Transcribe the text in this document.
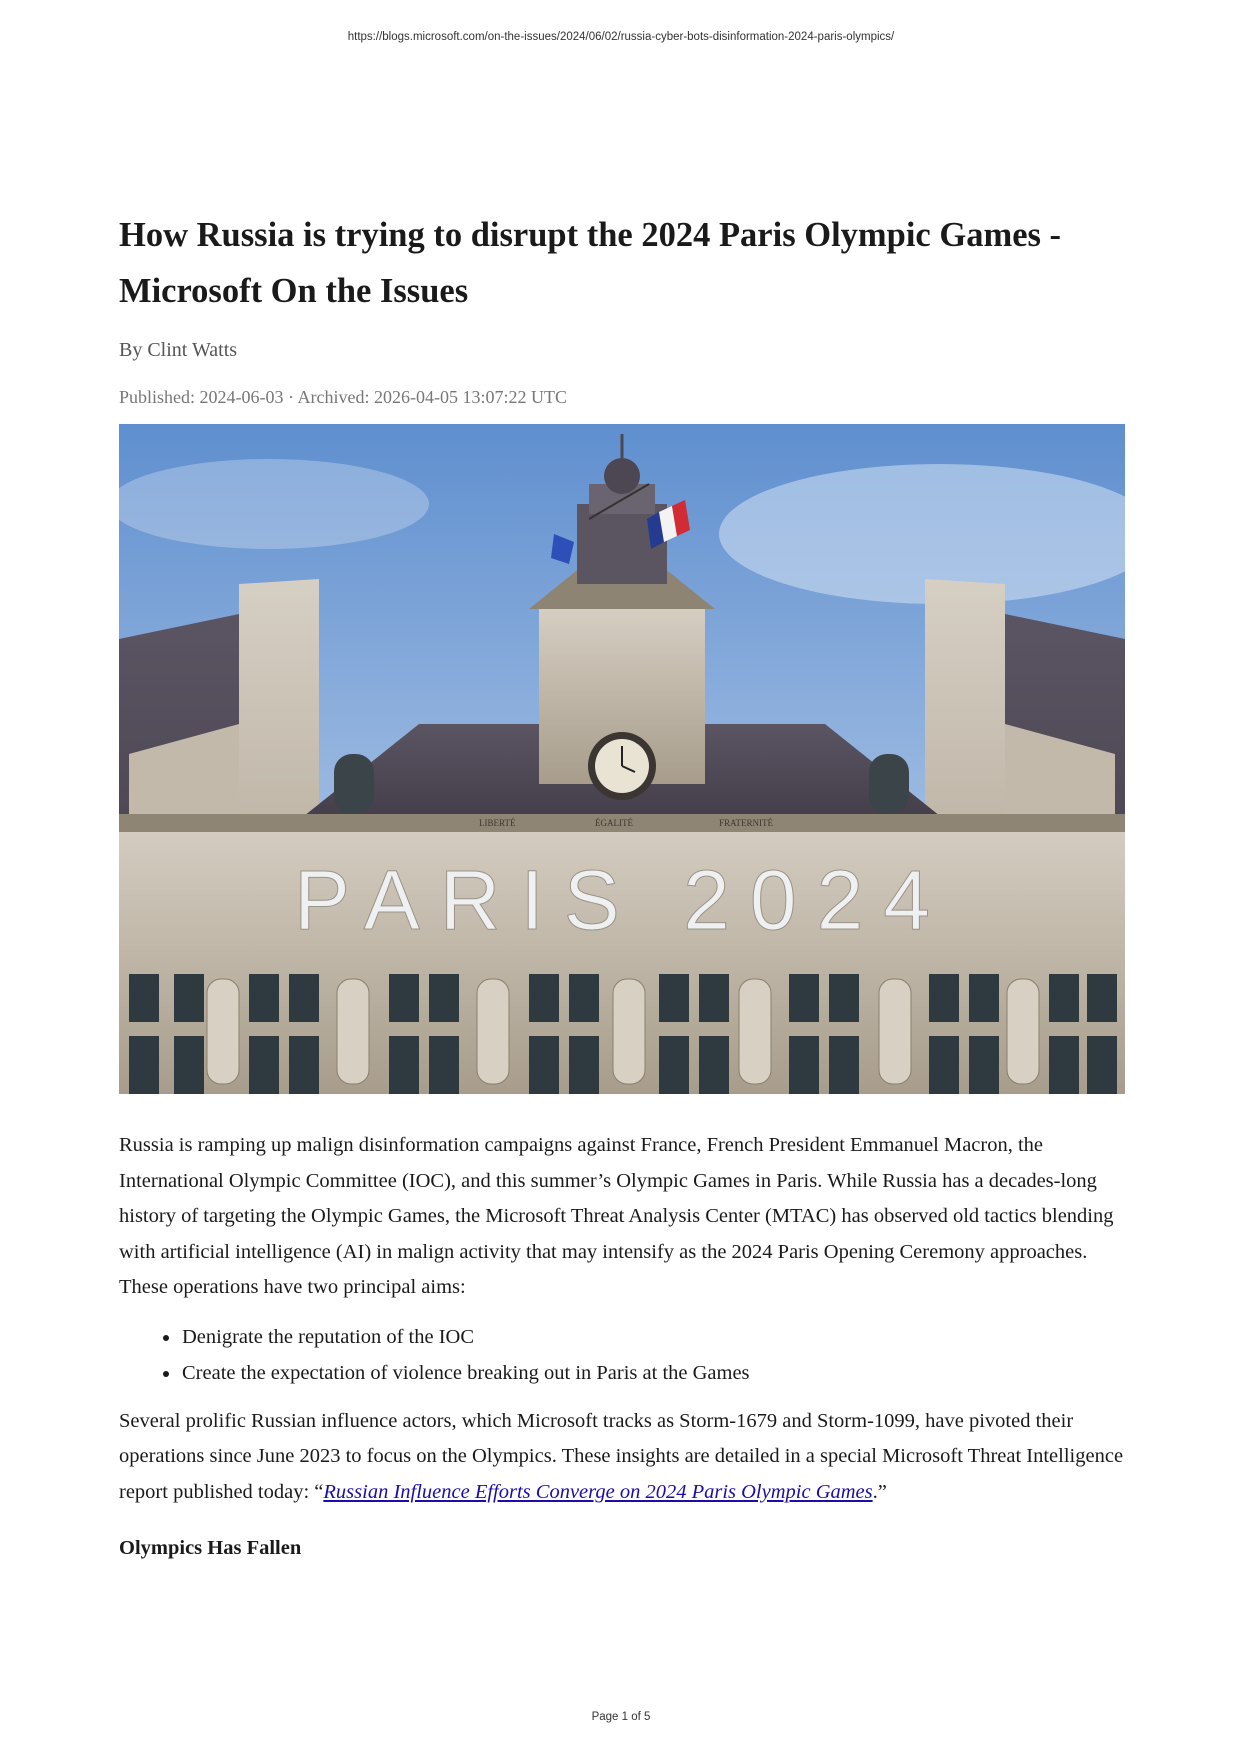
https://blogs.microsoft.com/on-the-issues/2024/06/02/russia-cyber-bots-disinformation-2024-paris-olympics/
How Russia is trying to disrupt the 2024 Paris Olympic Games - Microsoft On the Issues
By Clint Watts
Published: 2024-06-03 · Archived: 2026-04-05 13:07:22 UTC
LIBERTÉ	ÉGALITÉ	FRATERNITÉ
PARIS 2024

Russia is ramping up malign disinformation campaigns against France, French President Emmanuel Macron, the International Olympic Committee (IOC), and this summer’s Olympic Games in Paris. While Russia has a decades-long history of targeting the Olympic Games, the Microsoft Threat Analysis Center (MTAC) has observed old tactics blending with artificial intelligence (AI) in malign activity that may intensify as the 2024 Paris Opening Ceremony approaches. These operations have two principal aims:

• Denigrate the reputation of the IOC
• Create the expectation of violence breaking out in Paris at the Games

Several prolific Russian influence actors, which Microsoft tracks as Storm-1679 and Storm-1099, have pivoted their operations since June 2023 to focus on the Olympics. These insights are detailed in a special Microsoft Threat Intelligence report published today: “Russian Influence Efforts Converge on 2024 Paris Olympic Games.”

Olympics Has Fallen
Page 1 of 5
